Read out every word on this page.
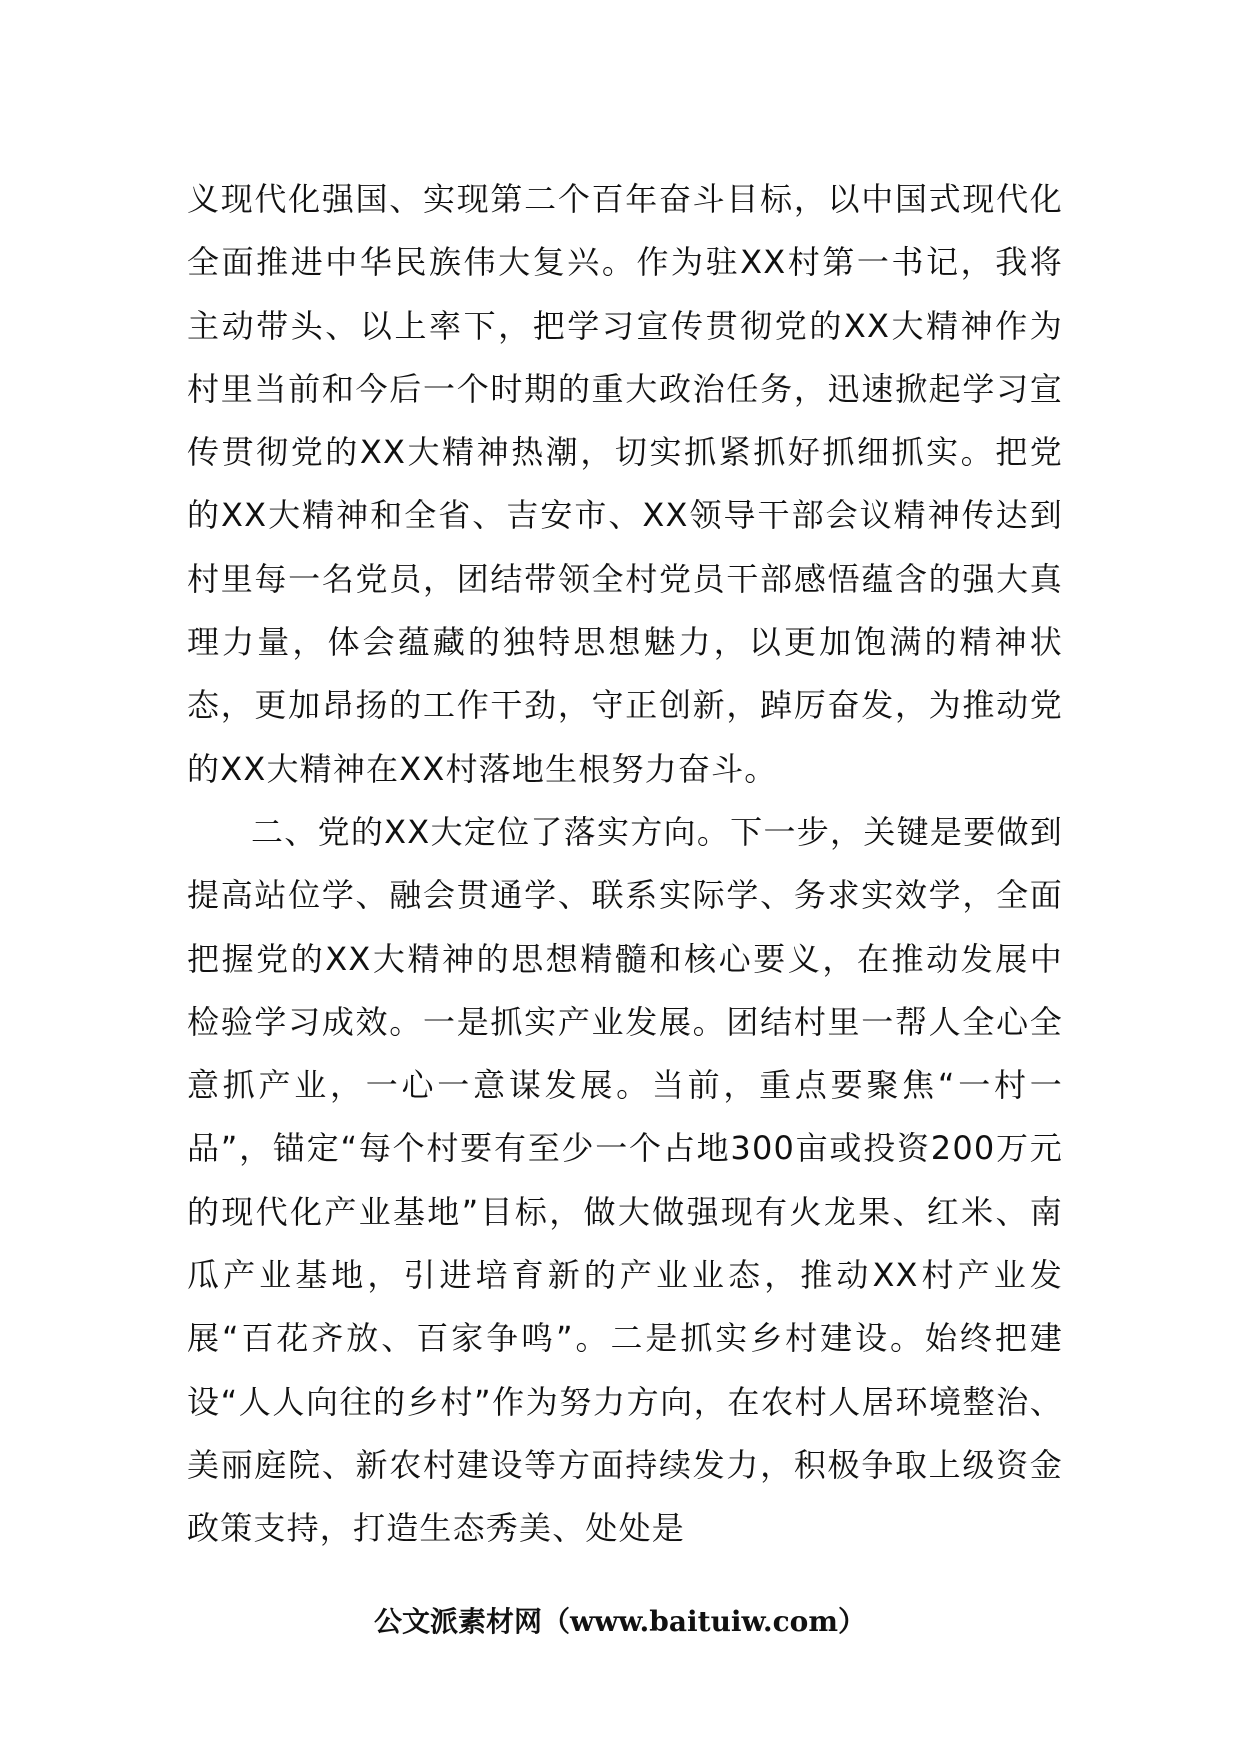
义现代化强国、实现第二个百年奋斗目标，以中国式现代化全面推进中华民族伟大复兴。作为驻XX村第一书记，我将主动带头、以上率下，把学习宣传贯彻党的XX大精神作为村里当前和今后一个时期的重大政治任务，迅速掀起学习宣传贯彻党的XX大精神热潮，切实抓紧抓好抓细抓实。把党的XX大精神和全省、吉安市、XX领导干部会议精神传达到村里每一名党员，团结带领全村党员干部感悟蕴含的强大真理力量，体会蕴藏的独特思想魅力，以更加饱满的精神状态，更加昂扬的工作干劲，守正创新，踔厉奋发，为推动党的XX大精神在XX村落地生根努力奋斗。

二、党的XX大定位了落实方向。下一步，关键是要做到提高站位学、融会贯通学、联系实际学、务求实效学，全面把握党的XX大精神的思想精髓和核心要义，在推动发展中检验学习成效。一是抓实产业发展。团结村里一帮人全心全意抓产业，一心一意谋发展。当前，重点要聚焦“一村一品”，锚定“每个村要有至少一个占地300亩或投资200万元的现代化产业基地”目标，做大做强现有火龙果、红米、南瓜产业基地，引进培育新的产业业态，推动XX村产业发展“百花齐放、百家争鸣”。二是抓实乡村建设。始终把建设“人人向往的乡村”作为努力方向，在农村人居环境整治、美丽庭院、新农村建设等方面持续发力，积极争取上级资金政策支持，打造生态秀美、处处是

公文派素材网（www.baituiw.com）
